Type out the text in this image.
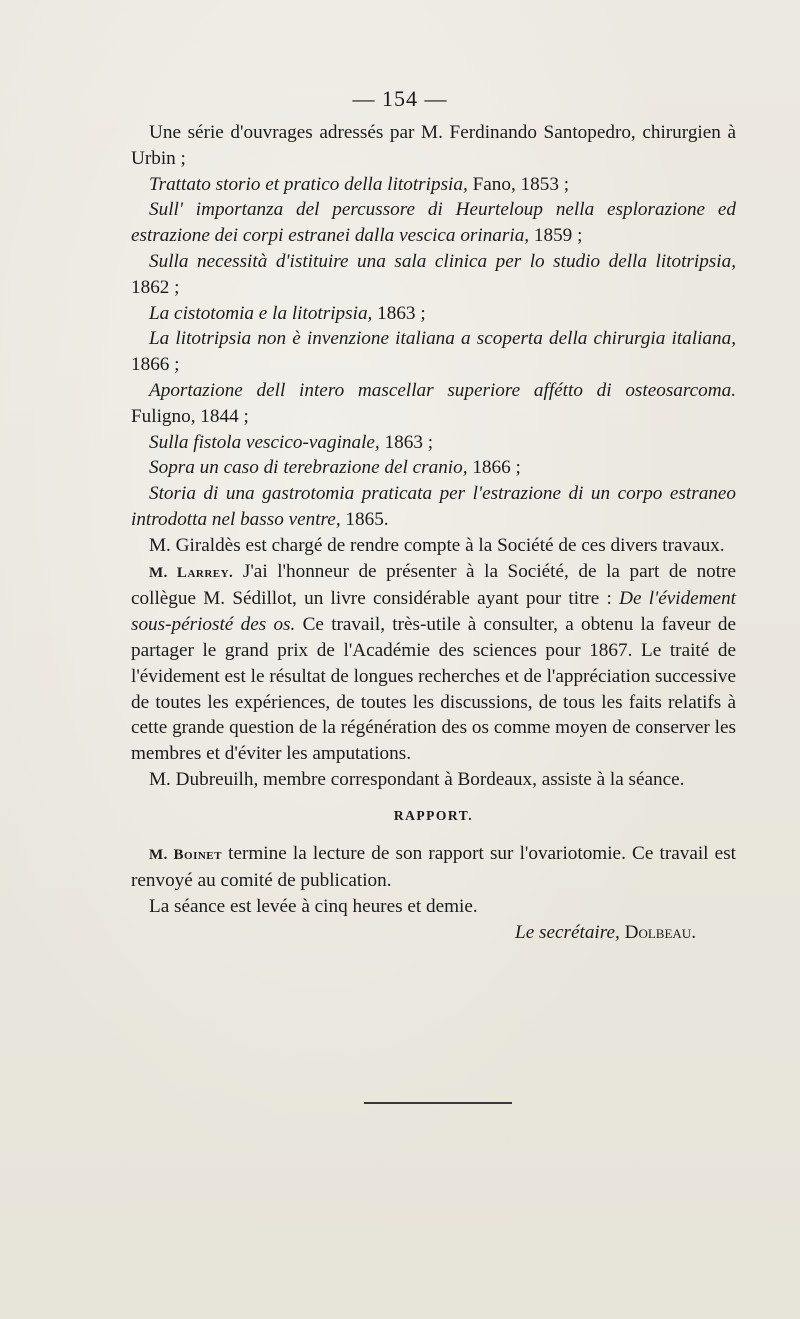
— 154 —

Une série d'ouvrages adressés par M. Ferdinando Santopedro, chirurgien à Urbin ;

Trattato storio et pratico della litotripsia, Fano, 1853 ;

Sull' importanza del percussore di Heurteloup nella esplorazione ed estrazione dei corpi estranei dalla vescica orinaria, 1859 ;

Sulla necessità d'istituire una sala clinica per lo studio della litotripsia, 1862 ;

La cistotomia e la litotripsia, 1863 ;

La litotripsia non è invenzione italiana a scoperta della chirurgia italiana, 1866 ;

Aportazione dell intero mascellar superiore affétto di osteosarcoma. Fuligno, 1844 ;

Sulla fistola vescico-vaginale, 1863 ;

Sopra un caso di terebrazione del cranio, 1866 ;

Storia di una gastrotomia praticata per l'estrazione di un corpo estraneo introdotta nel basso ventre, 1865.

M. Giraldès est chargé de rendre compte à la Société de ces divers travaux.

M. Larrey. J'ai l'honneur de présenter à la Société, de la part de notre collègue M. Sédillot, un livre considérable ayant pour titre : De l'évidement sous-périosté des os. Ce travail, très-utile à consulter, a obtenu la faveur de partager le grand prix de l'Académie des sciences pour 1867. Le traité de l'évidement est le résultat de longues recherches et de l'appréciation successive de toutes les expériences, de toutes les discussions, de tous les faits relatifs à cette grande question de la régénération des os comme moyen de conserver les membres et d'éviter les amputations.

M. Dubreuilh, membre correspondant à Bordeaux, assiste à la séance.

RAPPORT.

M. Boinet termine la lecture de son rapport sur l'ovariotomie. Ce travail est renvoyé au comité de publication.

La séance est levée à cinq heures et demie.

Le secrétaire, Dolbeau.
